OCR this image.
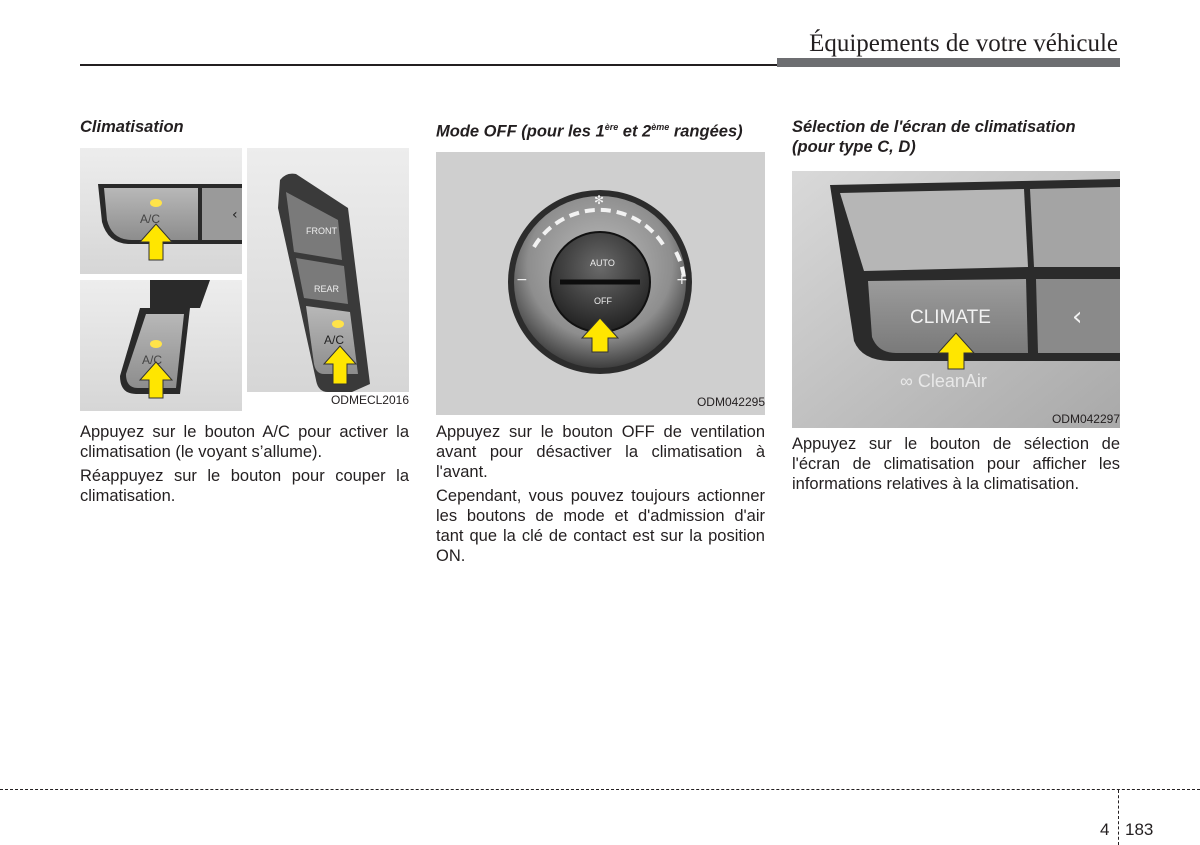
Équipements de votre véhicule
Climatisation
‹
A/C
A/C
FRONT
REAR
A/C
ODMECL2016

Appuyez sur le bouton A/C pour activer la climatisation (le voyant s’allume).

Réappuyez sur le bouton pour couper la climatisation.

Mode OFF (pour les 1ère et 2ème rangées)
−	+
✻
AUTO
OFF
ODM042295

Appuyez sur le bouton OFF de ventilation avant pour désactiver la climatisation à l'avant.

Cependant, vous pouvez toujours actionner les boutons de mode et d'admission d'air tant que la clé de contact est sur la position ON.

Sélection de l'écran de climatisation (pour type C, D)
‹
CLIMATE
∞ CleanAir
ODM042297

Appuyez sur le bouton de sélection de l'écran de climatisation pour afficher les informations relatives à la climatisation.

4 183
